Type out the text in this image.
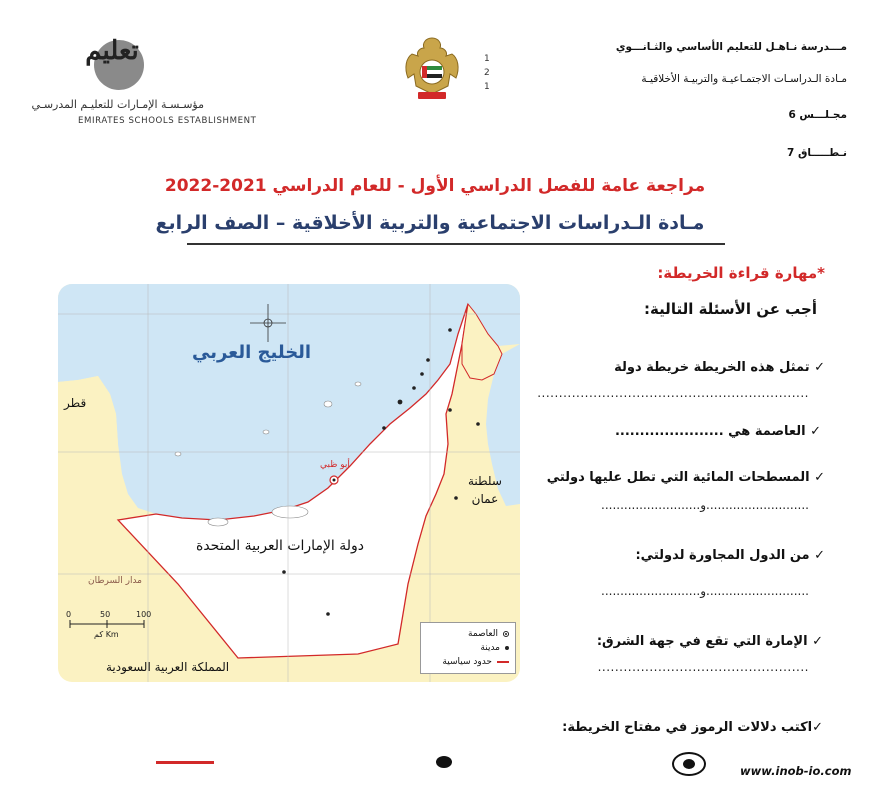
مـــدرسة نـاهـل للتعليم الأساسي والثـانـــوي
مـادة الـدراسـات الاجتمـاعيـة والتربيـة الأخلاقيـة
مجـلـــس 6
نـطـــــاق 7
1
2
1
تعليم
مؤسـسـة الإمـارات للتعليـم المدرسـي
EMIRATES SCHOOLS ESTABLISHMENT
مراجعة عامة للفصل الدراسي الأول - للعام الدراسي 2021-2022
مـادة الـدراسات الاجتماعية والتربية الأخلاقية – الصف الرابع
*مهارة قراءة الخريطة:
أجب عن الأسئلة التالية:
✓ تمثل هذه الخريطة خريطة دولة
...............................................................
✓ العاصمة هي ......................
✓ المسطحات المائية التي تطل عليها دولتي
...........................و..........................
✓ من الدول المجاورة لدولتي:
...........................و..........................
✓ الإمارة التي تقع في جهة الشرق:
.................................................
✓اكتب دلالات الرموز في مفتاح الخريطة:
الخليج العربي
دولة الإمارات العربية المتحدة
قطر
سلطنة
عمان
المملكة العربية السعودية
مدار السرطان
أبو ظبي
0	50	100
Km كم	العاصمة
مدينة
حدود سياسية
www.inob-io.com
